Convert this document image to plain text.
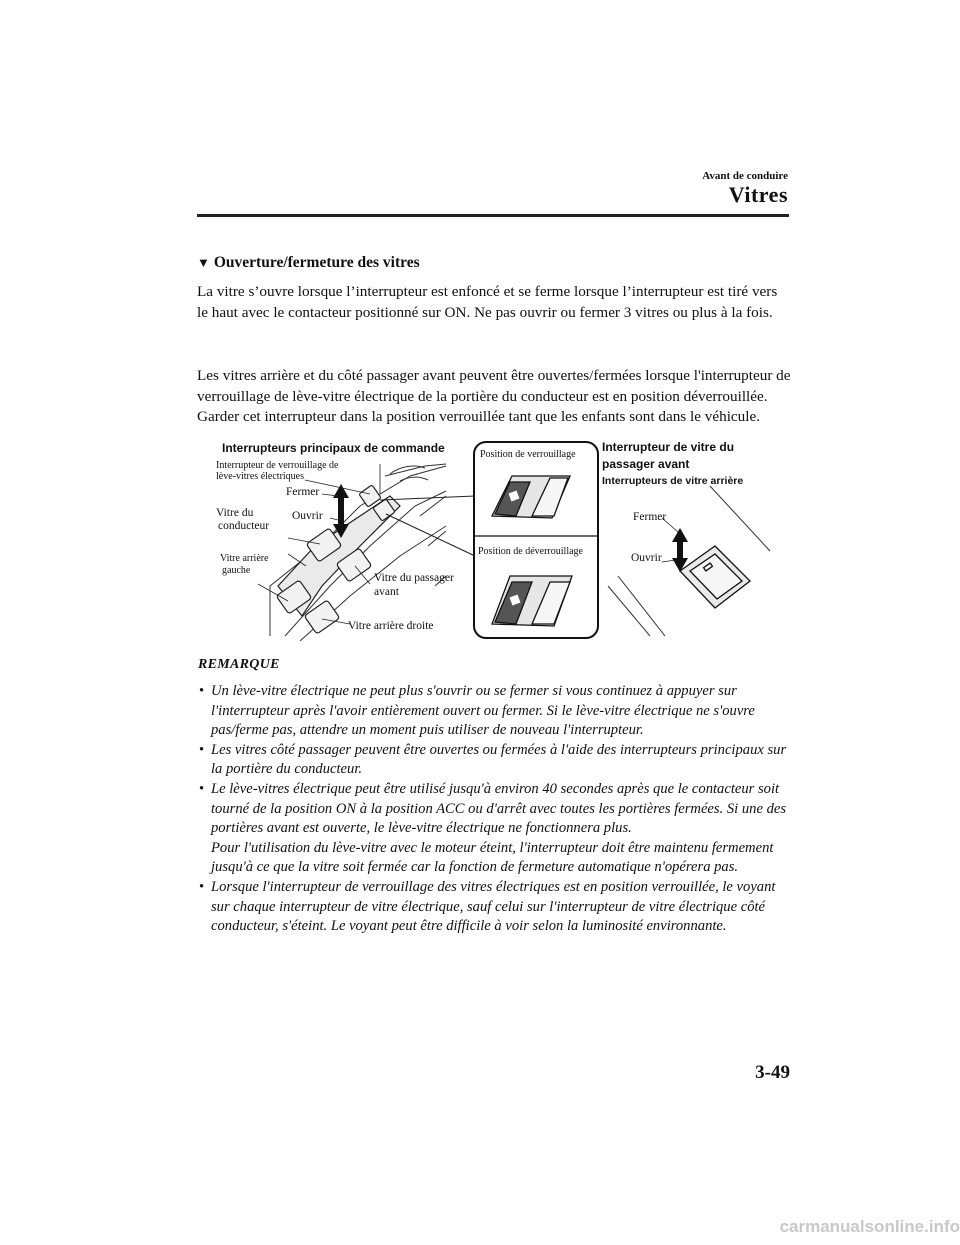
Avant de conduire
Vitres
▼ Ouverture/fermeture des vitres
La vitre s’ouvre lorsque l’interrupteur est enfoncé et se ferme lorsque l’interrupteur est tiré vers le haut avec le contacteur positionné sur ON. Ne pas ouvrir ou fermer 3 vitres ou plus à la fois.
Les vitres arrière et du côté passager avant peuvent être ouvertes/fermées lorsque l'interrupteur de verrouillage de lève-vitre électrique de la portière du conducteur est en position déverrouillée. Garder cet interrupteur dans la position verrouillée tant que les enfants sont dans le véhicule.
Interrupteurs principaux de commande
Interrupteur de verrouillage de
lève-vitres électriques
Fermer
Vitre du
conducteur
Ouvrir
Vitre arrière
gauche
Vitre du passager
avant
Vitre arrière droite
Position de verrouillage
Position de déverrouillage
Interrupteur de vitre du
passager avant
Interrupteurs de vitre arrière
Fermer
Ouvrir
REMARQUE
• Un lève-vitre électrique ne peut plus s'ouvrir ou se fermer si vous continuez à appuyer sur l'interrupteur après l'avoir entièrement ouvert ou fermer. Si le lève-vitre électrique ne s'ouvre pas/ferme pas, attendre un moment puis utiliser de nouveau l'interrupteur.
• Les vitres côté passager peuvent être ouvertes ou fermées à l'aide des interrupteurs principaux sur la portière du conducteur.
• Le lève-vitres électrique peut être utilisé jusqu'à environ 40 secondes après que le contacteur soit tourné de la position ON à la position ACC ou d'arrêt avec toutes les portières fermées. Si une des portières avant est ouverte, le lève-vitre électrique ne fonctionnera plus.
Pour l'utilisation du lève-vitre avec le moteur éteint, l'interrupteur doit être maintenu fermement jusqu'à ce que la vitre soit fermée car la fonction de fermeture automatique n'opérera pas.
• Lorsque l'interrupteur de verrouillage des vitres électriques est en position verrouillée, le voyant sur chaque interrupteur de vitre électrique, sauf celui sur l'interrupteur de vitre électrique côté conducteur, s'éteint. Le voyant peut être difficile à voir selon la luminosité environnante.
3-49
carmanualsonline.info
